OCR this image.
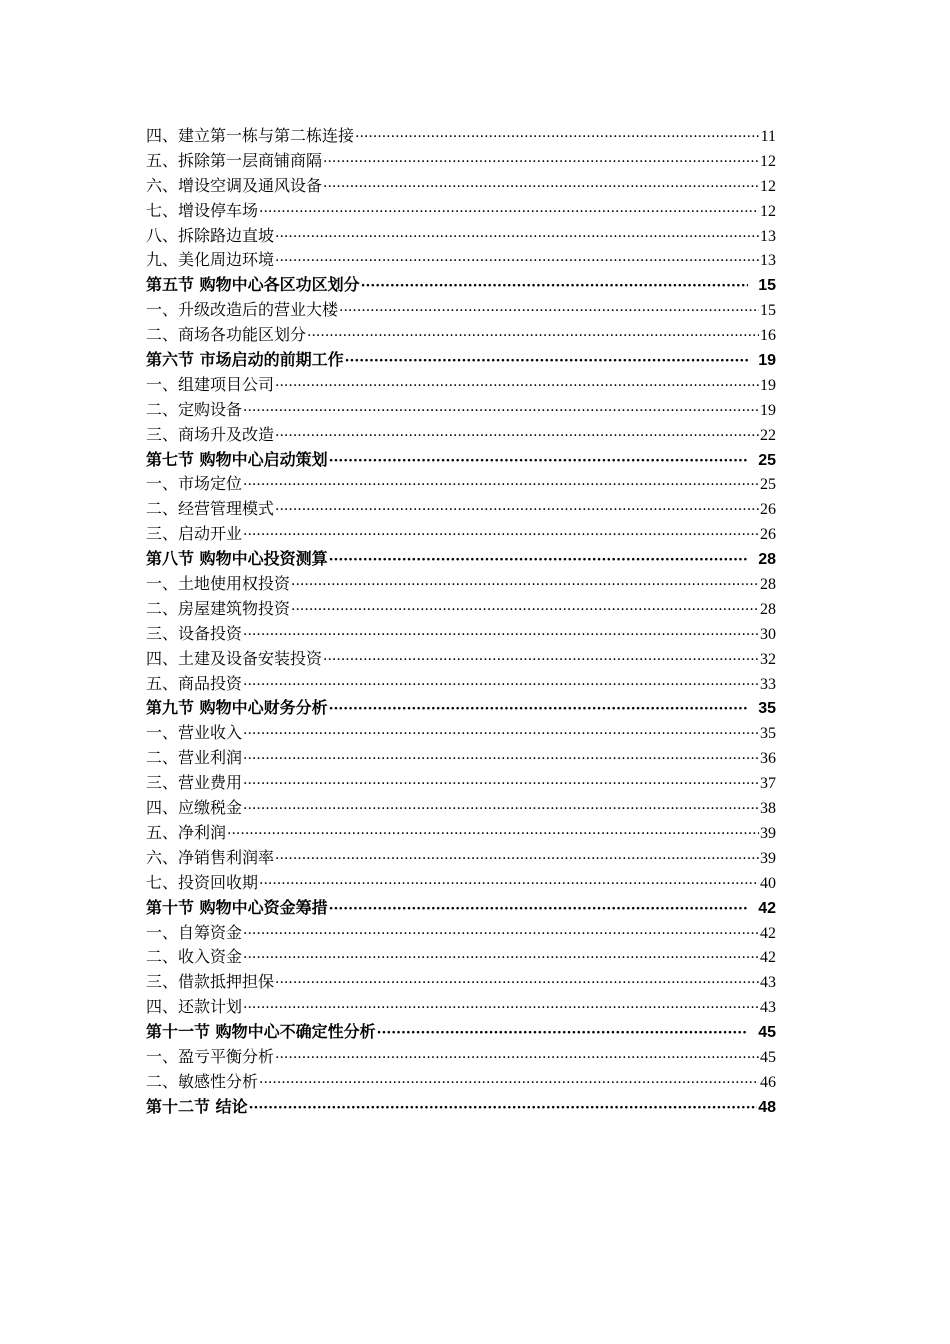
四、建立第一栋与第二栋连接 ·····	11
五、拆除第一层商铺商隔 ·····	12
六、增设空调及通风设备 ·····	12
七、增设停车场 ·····	12
八、拆除路边直坡 ·····	13
九、美化周边环境 ·····	13
第五节 购物中心各区功区划分 ·····	15
一、升级改造后的营业大楼 ·····	15
二、商场各功能区划分 ·····	16
第六节 市场启动的前期工作 ·····	19
一、组建项目公司 ·····	19
二、定购设备 ·····	19
三、商场升及改造 ·····	22
第七节 购物中心启动策划 ·····	25
一、市场定位 ·····	25
二、经营管理模式 ·····	26
三、启动开业 ·····	26
第八节 购物中心投资测算 ·····	28
一、土地使用权投资 ·····	28
二、房屋建筑物投资 ·····	28
三、设备投资 ·····	30
四、土建及设备安装投资 ·····	32
五、商品投资 ·····	33
第九节 购物中心财务分析 ·····	35
一、营业收入 ·····	35
二、营业利润 ·····	36
三、营业费用 ·····	37
四、应缴税金 ·····	38
五、净利润 ·····	39
六、净销售利润率 ·····	39
七、投资回收期 ·····	40
第十节 购物中心资金筹措 ·····	42
一、自筹资金 ·····	42
二、收入资金 ·····	42
三、借款抵押担保 ·····	43
四、还款计划 ·····	43
第十一节 购物中心不确定性分析 ·····	45
一、盈亏平衡分析 ·····	45
二、敏感性分析 ·····	46
第十二节 结论 ·····	48
